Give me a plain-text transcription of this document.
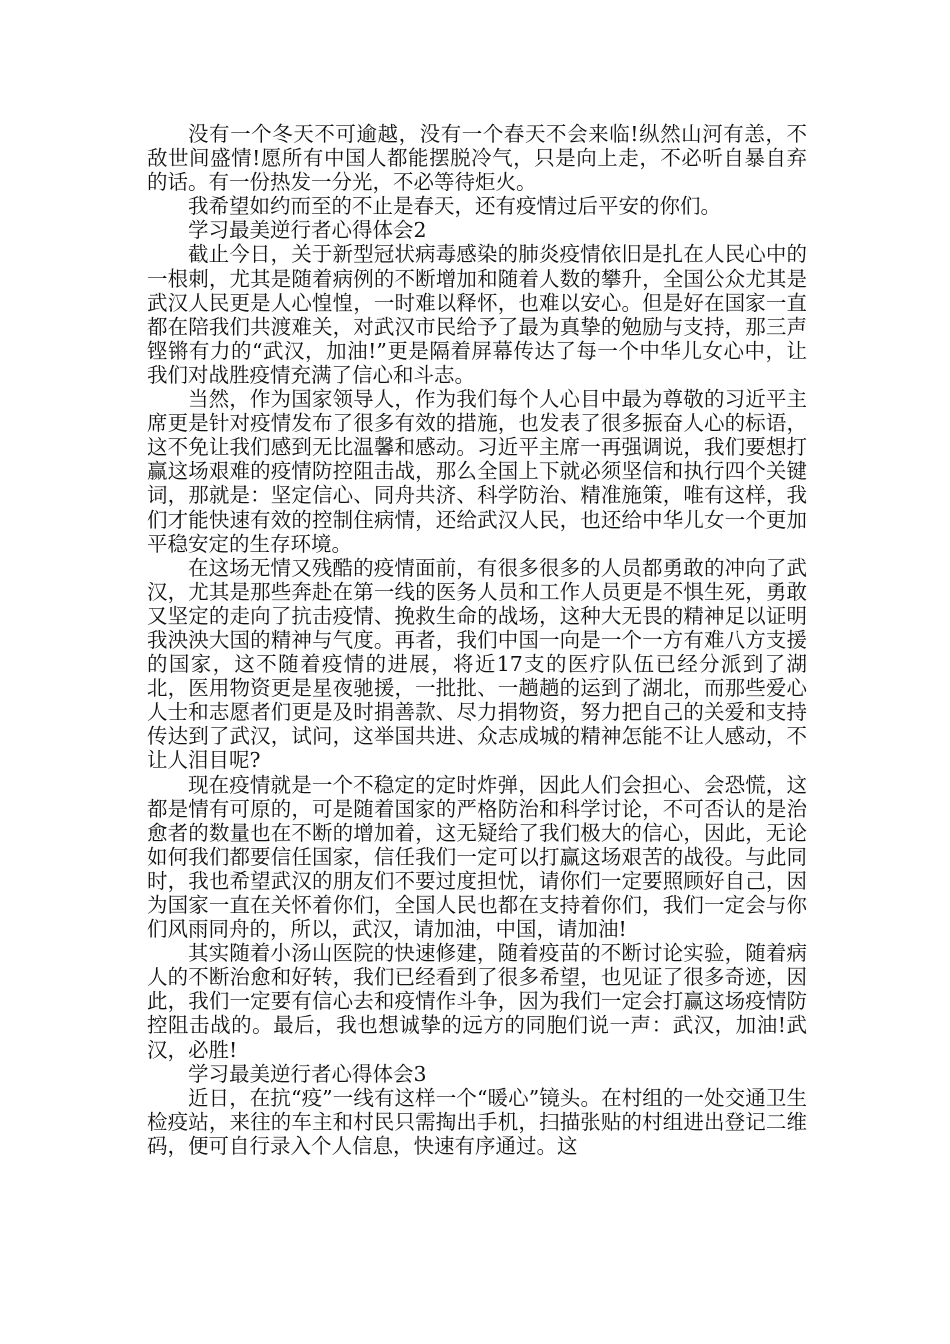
没有一个冬天不可逾越，没有一个春天不会来临!纵然山河有恙，不敌世间盛情!愿所有中国人都能摆脱冷气，只是向上走，不必听自暴自弃的话。有一份热发一分光，不必等待炬火。

我希望如约而至的不止是春天，还有疫情过后平安的你们。

学习最美逆行者心得体会2

截止今日，关于新型冠状病毒感染的肺炎疫情依旧是扎在人民心中的一根刺，尤其是随着病例的不断增加和随着人数的攀升，全国公众尤其是武汉人民更是人心惶惶，一时难以释怀，也难以安心。但是好在国家一直都在陪我们共渡难关，对武汉市民给予了最为真挚的勉励与支持，那三声铿锵有力的“武汉，加油!”更是隔着屏幕传达了每一个中华儿女心中，让我们对战胜疫情充满了信心和斗志。

当然，作为国家领导人，作为我们每个人心目中最为尊敬的习近平主席更是针对疫情发布了很多有效的措施，也发表了很多振奋人心的标语，这不免让我们感到无比温馨和感动。习近平主席一再强调说，我们要想打赢这场艰难的疫情防控阻击战，那么全国上下就必须坚信和执行四个关键词，那就是：坚定信心、同舟共济、科学防治、精准施策，唯有这样，我们才能快速有效的控制住病情，还给武汉人民，也还给中华儿女一个更加平稳安定的生存环境。

在这场无情又残酷的疫情面前，有很多很多的人员都勇敢的冲向了武汉，尤其是那些奔赴在第一线的医务人员和工作人员更是不惧生死，勇敢又坚定的走向了抗击疫情、挽救生命的战场，这种大无畏的精神足以证明我泱泱大国的精神与气度。再者，我们中国一向是一个一方有难八方支援的国家，这不随着疫情的进展，将近17支的医疗队伍已经分派到了湖北，医用物资更是星夜驰援，一批批、一趟趟的运到了湖北，而那些爱心人士和志愿者们更是及时捐善款、尽力捐物资，努力把自己的关爱和支持传达到了武汉，试问，这举国共进、众志成城的精神怎能不让人感动，不让人泪目呢?

现在疫情就是一个不稳定的定时炸弹，因此人们会担心、会恐慌，这都是情有可原的，可是随着国家的严格防治和科学讨论，不可否认的是治愈者的数量也在不断的增加着，这无疑给了我们极大的信心，因此，无论如何我们都要信任国家，信任我们一定可以打赢这场艰苦的战役。与此同时，我也希望武汉的朋友们不要过度担忧，请你们一定要照顾好自己，因为国家一直在关怀着你们，全国人民也都在支持着你们，我们一定会与你们风雨同舟的，所以，武汉，请加油，中国，请加油!

其实随着小汤山医院的快速修建，随着疫苗的不断讨论实验，随着病人的不断治愈和好转，我们已经看到了很多希望，也见证了很多奇迹，因此，我们一定要有信心去和疫情作斗争，因为我们一定会打赢这场疫情防控阻击战的。最后，我也想诚挚的远方的同胞们说一声：武汉，加油!武汉，必胜!

学习最美逆行者心得体会3

近日，在抗“疫”一线有这样一个“暖心”镜头。在村组的一处交通卫生检疫站，来往的车主和村民只需掏出手机，扫描张贴的村组进出登记二维码，便可自行录入个人信息，快速有序通过。这
